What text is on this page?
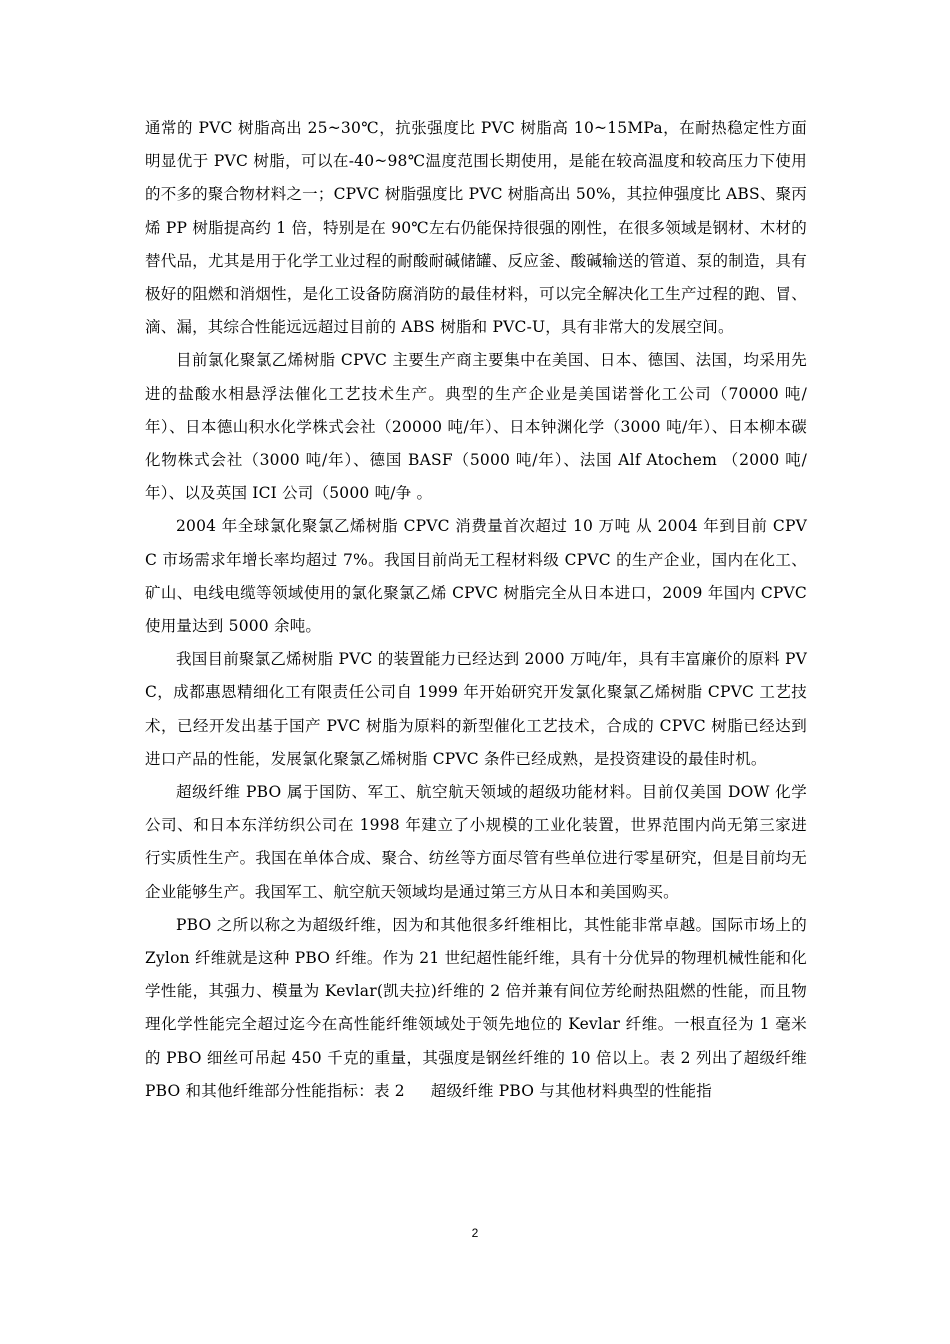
通常的 PVC 树脂高出 25~30℃，抗张强度比 PVC 树脂高 10~15MPa，在耐热稳定性方面明显优于 PVC 树脂，可以在-40~98℃温度范围长期使用，是能在较高温度和较高压力下使用的不多的聚合物材料之一；CPVC 树脂强度比 PVC 树脂高出 50%，其拉伸强度比 ABS、聚丙烯 PP 树脂提高约 1 倍，特别是在 90℃左右仍能保持很强的刚性，在很多领域是钢材、木材的替代品，尤其是用于化学工业过程的耐酸耐碱储罐、反应釜、酸碱输送的管道、泵的制造，具有极好的阻燃和消烟性，是化工设备防腐消防的最佳材料，可以完全解决化工生产过程的跑、冒、滴、漏，其综合性能远远超过目前的 ABS 树脂和 PVC-U，具有非常大的发展空间。

目前氯化聚氯乙烯树脂 CPVC 主要生产商主要集中在美国、日本、德国、法国，均采用先进的盐酸水相悬浮法催化工艺技术生产。典型的生产企业是美国诺誉化工公司（70000 吨/年）、日本德山积水化学株式会社（20000 吨/年）、日本钟渊化学（3000 吨/年）、日本柳本碳化物株式会社（3000 吨/年）、德国 BASF（5000 吨/年）、法国 Alf Atochem （2000 吨/年）、以及英国 ICI 公司（5000 吨/争 。

2004 年全球氯化聚氯乙烯树脂 CPVC 消费量首次超过 10 万吨 从 2004 年到目前 CPVC 市场需求年增长率均超过 7%。我国目前尚无工程材料级 CPVC 的生产企业，国内在化工、矿山、电线电缆等领域使用的氯化聚氯乙烯 CPVC 树脂完全从日本进口，2009 年国内 CPVC 使用量达到 5000 余吨。

我国目前聚氯乙烯树脂 PVC 的装置能力已经达到 2000 万吨/年，具有丰富廉价的原料 PVC，成都惠恩精细化工有限责任公司自 1999 年开始研究开发氯化聚氯乙烯树脂 CPVC 工艺技术，已经开发出基于国产 PVC 树脂为原料的新型催化工艺技术，合成的 CPVC 树脂已经达到进口产品的性能，发展氯化聚氯乙烯树脂 CPVC 条件已经成熟，是投资建设的最佳时机。

超级纤维 PBO 属于国防、军工、航空航天领域的超级功能材料。目前仅美国 DOW 化学公司、和日本东洋纺织公司在 1998 年建立了小规模的工业化装置，世界范围内尚无第三家进行实质性生产。我国在单体合成、聚合、纺丝等方面尽管有些单位进行零星研究，但是目前均无企业能够生产。我国军工、航空航天领域均是通过第三方从日本和美国购买。

PBO 之所以称之为超级纤维，因为和其他很多纤维相比，其性能非常卓越。国际市场上的 Zylon 纤维就是这种 PBO 纤维。作为 21 世纪超性能纤维，具有十分优异的物理机械性能和化学性能，其强力、模量为 Kevlar(凯夫拉)纤维的 2 倍并兼有间位芳纶耐热阻燃的性能，而且物理化学性能完全超过迄今在高性能纤维领域处于领先地位的 Kevlar 纤维。一根直径为 1 毫米的 PBO 细丝可吊起 450 千克的重量，其强度是钢丝纤维的 10 倍以上。表 2 列出了超级纤维 PBO 和其他纤维部分性能指标：表 2 　 超级纤维 PBO 与其他材料典型的性能指

2
